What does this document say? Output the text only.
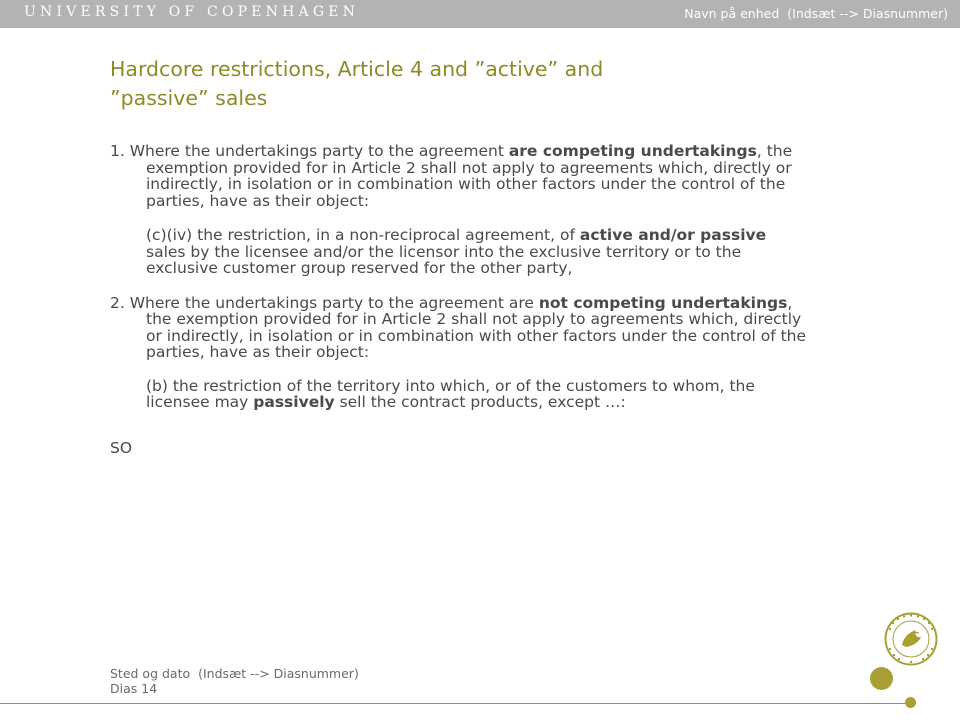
UNIVERSITY OF COPENHAGEN	Navn på enhed (Indsæt --> Diasnummer)
Hardcore restrictions, Article 4 and ”active” and
”passive” sales

1. Where the undertakings party to the agreement are competing undertakings, the exemption provided for in Article 2 shall not apply to agreements which, directly or indirectly, in isolation or in combination with other factors under the control of the parties, have as their object:

(c)(iv) the restriction, in a non-reciprocal agreement, of active and/or passive sales by the licensee and/or the licensor into the exclusive territory or to the exclusive customer group reserved for the other party,

2. Where the undertakings party to the agreement are not competing undertakings, the exemption provided for in Article 2 shall not apply to agreements which, directly or indirectly, in isolation or in combination with other factors under the control of the parties, have as their object:

(b) the restriction of the territory into which, or of the customers to whom, the licensee may passively sell the contract products, except …:

SO

Sted og dato (Indsæt --> Diasnummer)
Dias 14
